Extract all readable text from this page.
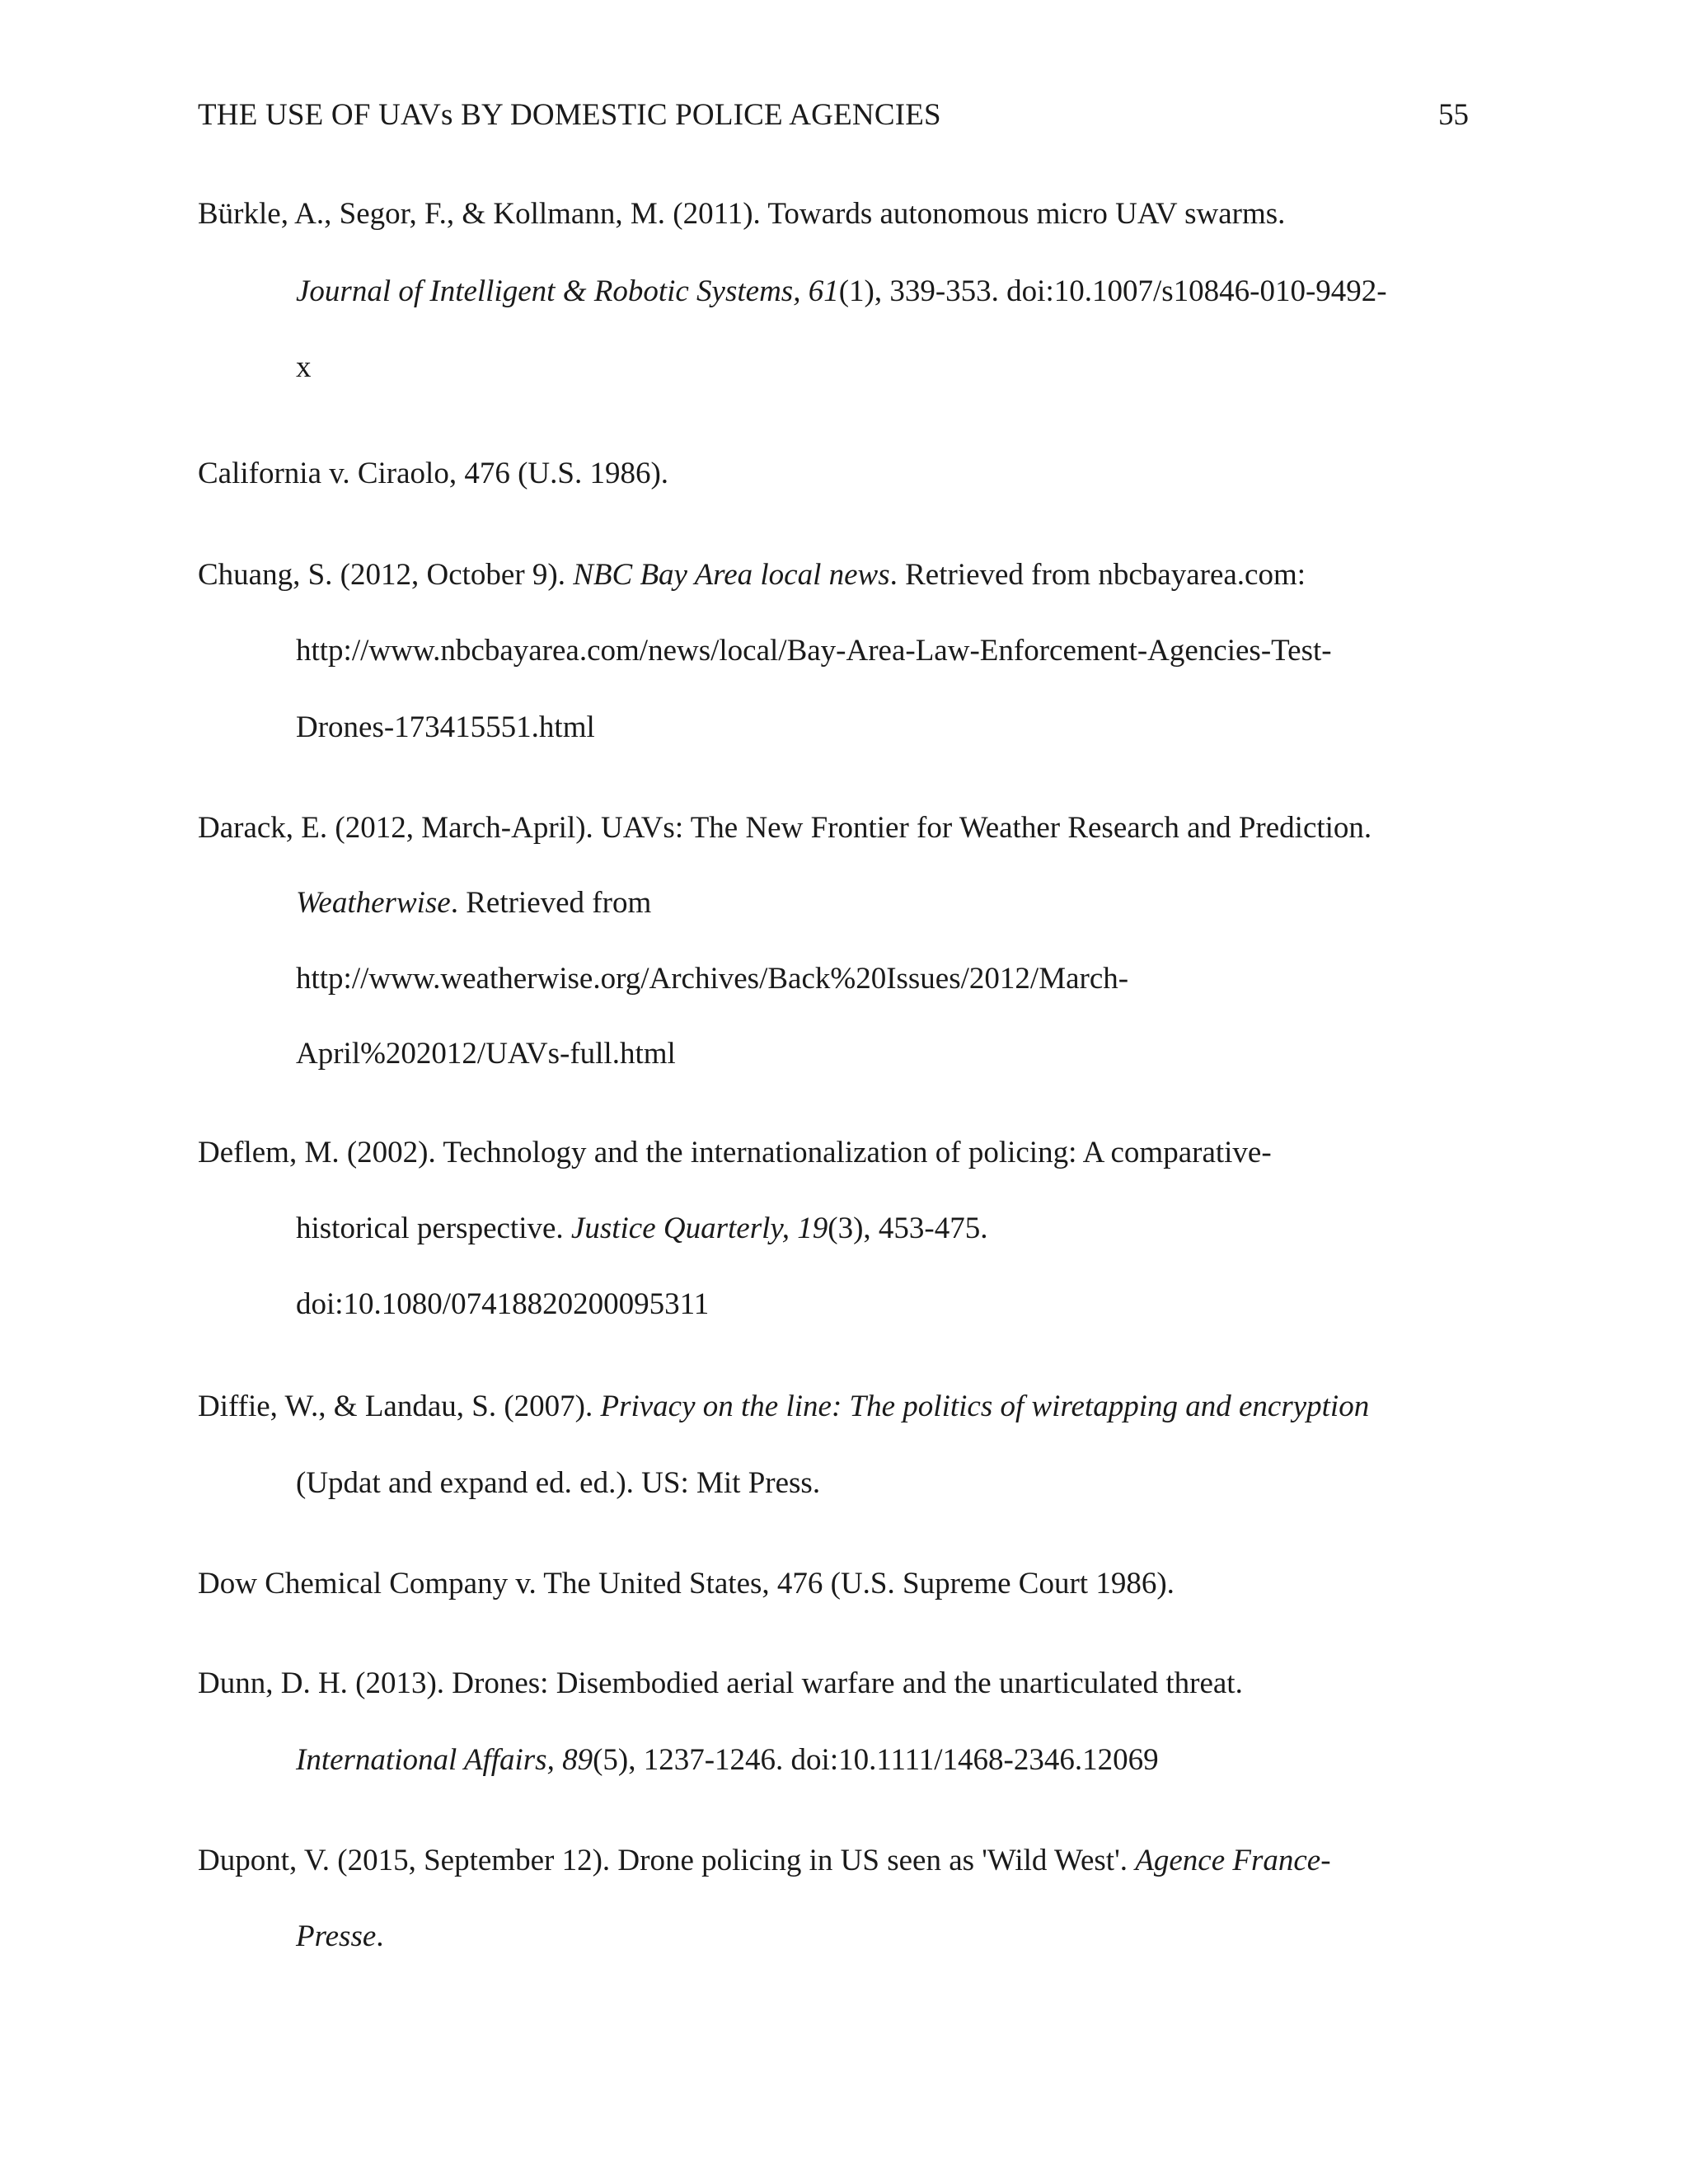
THE USE OF UAVs BY DOMESTIC POLICE AGENCIES	55
Bürkle, A., Segor, F., & Kollmann, M. (2011). Towards autonomous micro UAV swarms.
Journal of Intelligent & Robotic Systems, 61(1), 339-353. doi:10.1007/s10846-010-9492-
x
California v. Ciraolo, 476 (U.S. 1986).
Chuang, S. (2012, October 9). NBC Bay Area local news. Retrieved from nbcbayarea.com:
http://www.nbcbayarea.com/news/local/Bay-Area-Law-Enforcement-Agencies-Test-
Drones-173415551.html
Darack, E. (2012, March-April). UAVs: The New Frontier for Weather Research and Prediction.
Weatherwise. Retrieved from
http://www.weatherwise.org/Archives/Back%20Issues/2012/March-
April%202012/UAVs-full.html
Deflem, M. (2002). Technology and the internationalization of policing: A comparative-
historical perspective. Justice Quarterly, 19(3), 453-475.
doi:10.1080/07418820200095311
Diffie, W., & Landau, S. (2007). Privacy on the line: The politics of wiretapping and encryption
(Updat and expand ed. ed.). US: Mit Press.
Dow Chemical Company v. The United States, 476 (U.S. Supreme Court 1986).
Dunn, D. H. (2013). Drones: Disembodied aerial warfare and the unarticulated threat.
International Affairs, 89(5), 1237-1246. doi:10.1111/1468-2346.12069
Dupont, V. (2015, September 12). Drone policing in US seen as 'Wild West'. Agence France-
Presse.
